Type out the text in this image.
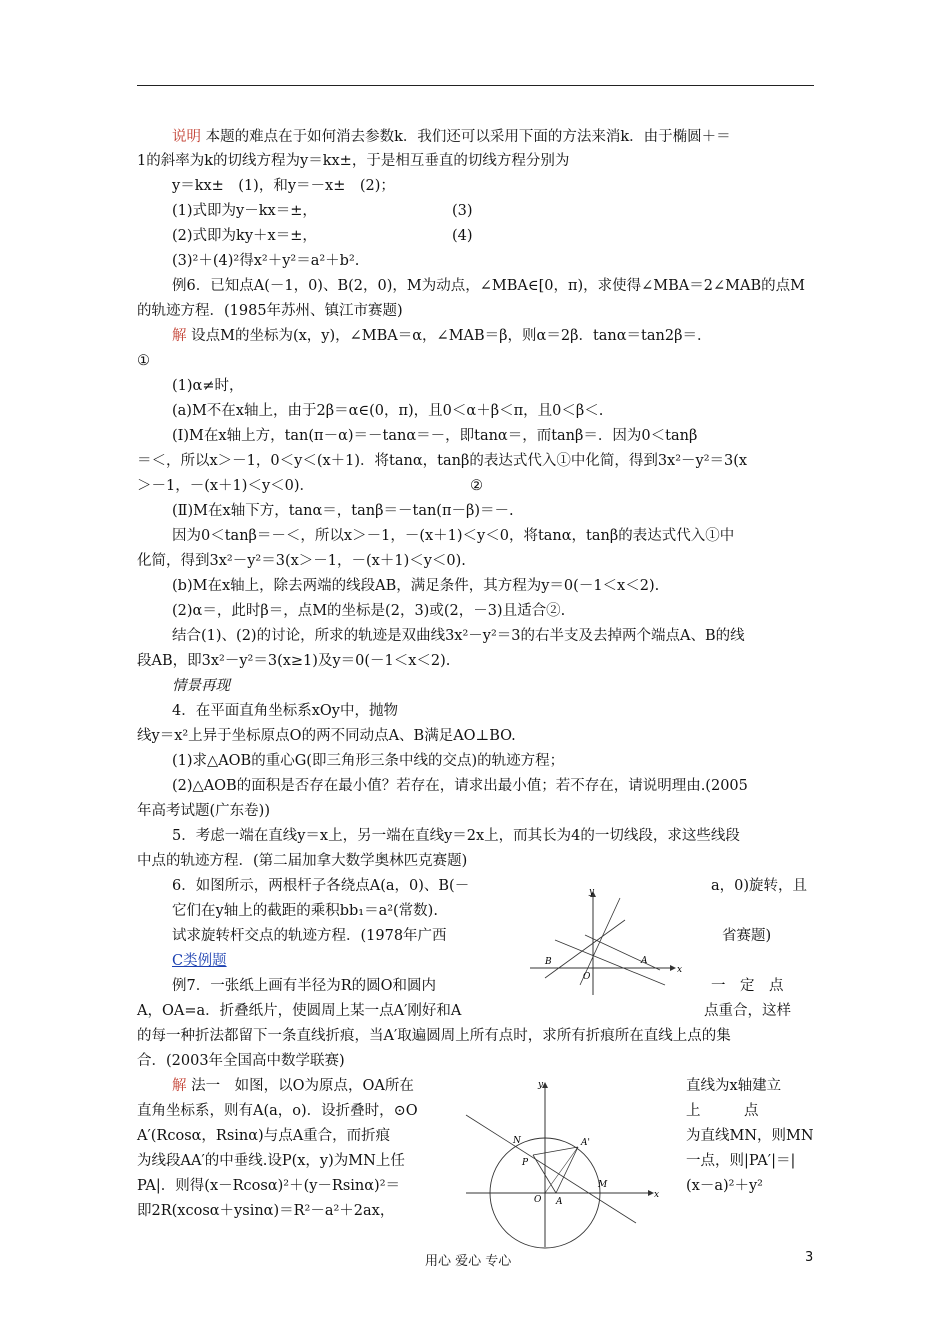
说明 本题的难点在于如何消去参数k．我们还可以采用下面的方法来消k．由于椭圆＋＝
1的斜率为k的切线方程为y＝kx±，于是相互垂直的切线方程分别为
y＝kx±　(1)，和y＝－x±　(2)；
(1)式即为y－kx＝±，	(3)
(2)式即为ky＋x＝±，	(4)
(3)²＋(4)²得x²＋y²＝a²＋b².
例6．已知点A(－1，0)、B(2，0)，M为动点，∠MBA∈[0，π)，求使得∠MBA＝2∠MAB的点M
的轨迹方程．(1985年苏州、镇江市赛题)
解 设点M的坐标为(x，y)，∠MBA＝α，∠MAB＝β，则α＝2β．tanα＝tan2β＝．
①
(1)α≠时，
(a)M不在x轴上，由于2β＝α∈(0，π)，且0＜α＋β＜π，且0＜β＜.
(Ⅰ)M在x轴上方，tan(π－α)＝－tanα＝－，即tanα＝，而tanβ＝．因为0＜tanβ
＝＜，所以x＞－1，0＜y＜(x＋1)．将tanα，tanβ的表达式代入①中化简，得到3x²－y²＝3(x
＞－1，－(x＋1)＜y＜0)．	②
(Ⅱ)M在x轴下方，tanα＝，tanβ＝－tan(π－β)＝－.
因为0＜tanβ＝－＜，所以x＞－1，－(x＋1)＜y＜0，将tanα，tanβ的表达式代入①中
化简，得到3x²－y²＝3(x＞－1，－(x＋1)＜y＜0).
(b)M在x轴上，除去两端的线段AB，满足条件，其方程为y＝0(－1＜x＜2).
(2)α＝，此时β＝，点M的坐标是(2，3)或(2，－3)且适合②.
结合(1)、(2)的讨论，所求的轨迹是双曲线3x²－y²＝3的右半支及去掉两个端点A、B的线
段AB，即3x²－y²＝3(x≥1)及y＝0(－1＜x＜2).
情景再现
4．在平面直角坐标系xOy中，抛物
线y＝x²上异于坐标原点O的两不同动点A、B满足AO⊥BO.
(1)求△AOB的重心G(即三角形三条中线的交点)的轨迹方程；
(2)△AOB的面积是否存在最小值？若存在，请求出最小值；若不存在，请说明理由.(2005
年高考试题(广东卷))
5．考虑一端在直线y＝x上，另一端在直线y＝2x上，而其长为4的一切线段，求这些线段
中点的轨迹方程．(第二届加拿大数学奥林匹克赛题)
6．如图所示，两根杆子各绕点A(a，0)、B(－	a，0)旋转，且
它们在y轴上的截距的乘积bb₁＝a²(常数).
试求旋转杆交点的轨迹方程．(1978年广西	省赛题)
C类例题
例7．一张纸上画有半径为R的圆O和圆内	一　定　点
A，OA=a．折叠纸片，使圆周上某一点A′刚好和A	点重合，这样
的每一种折法都留下一条直线折痕，当A′取遍圆周上所有点时，求所有折痕所在直线上点的集
合．(2003年全国高中数学联赛)
解 法一　如图，以O为原点，OA所在	直线为x轴建立
直角坐标系，则有A(a，o)．设折叠时，⊙O	上　　　点
A′(Rcosα，Rsinα)与点A重合，而折痕	为直线MN，则MN
为线段AA′的中垂线.设P(x，y)为MN上任	一点，则|PA′|＝|
PA|．则得(x－Rcosα)²＋(y－Rsinα)²＝	(x－a)²＋y²
即2R(xcosα＋ysinα)＝R²－a²＋2ax，
y
x
O
A
B
y
x
O A
N
P
A'
M
用心 爱心 专心	3
